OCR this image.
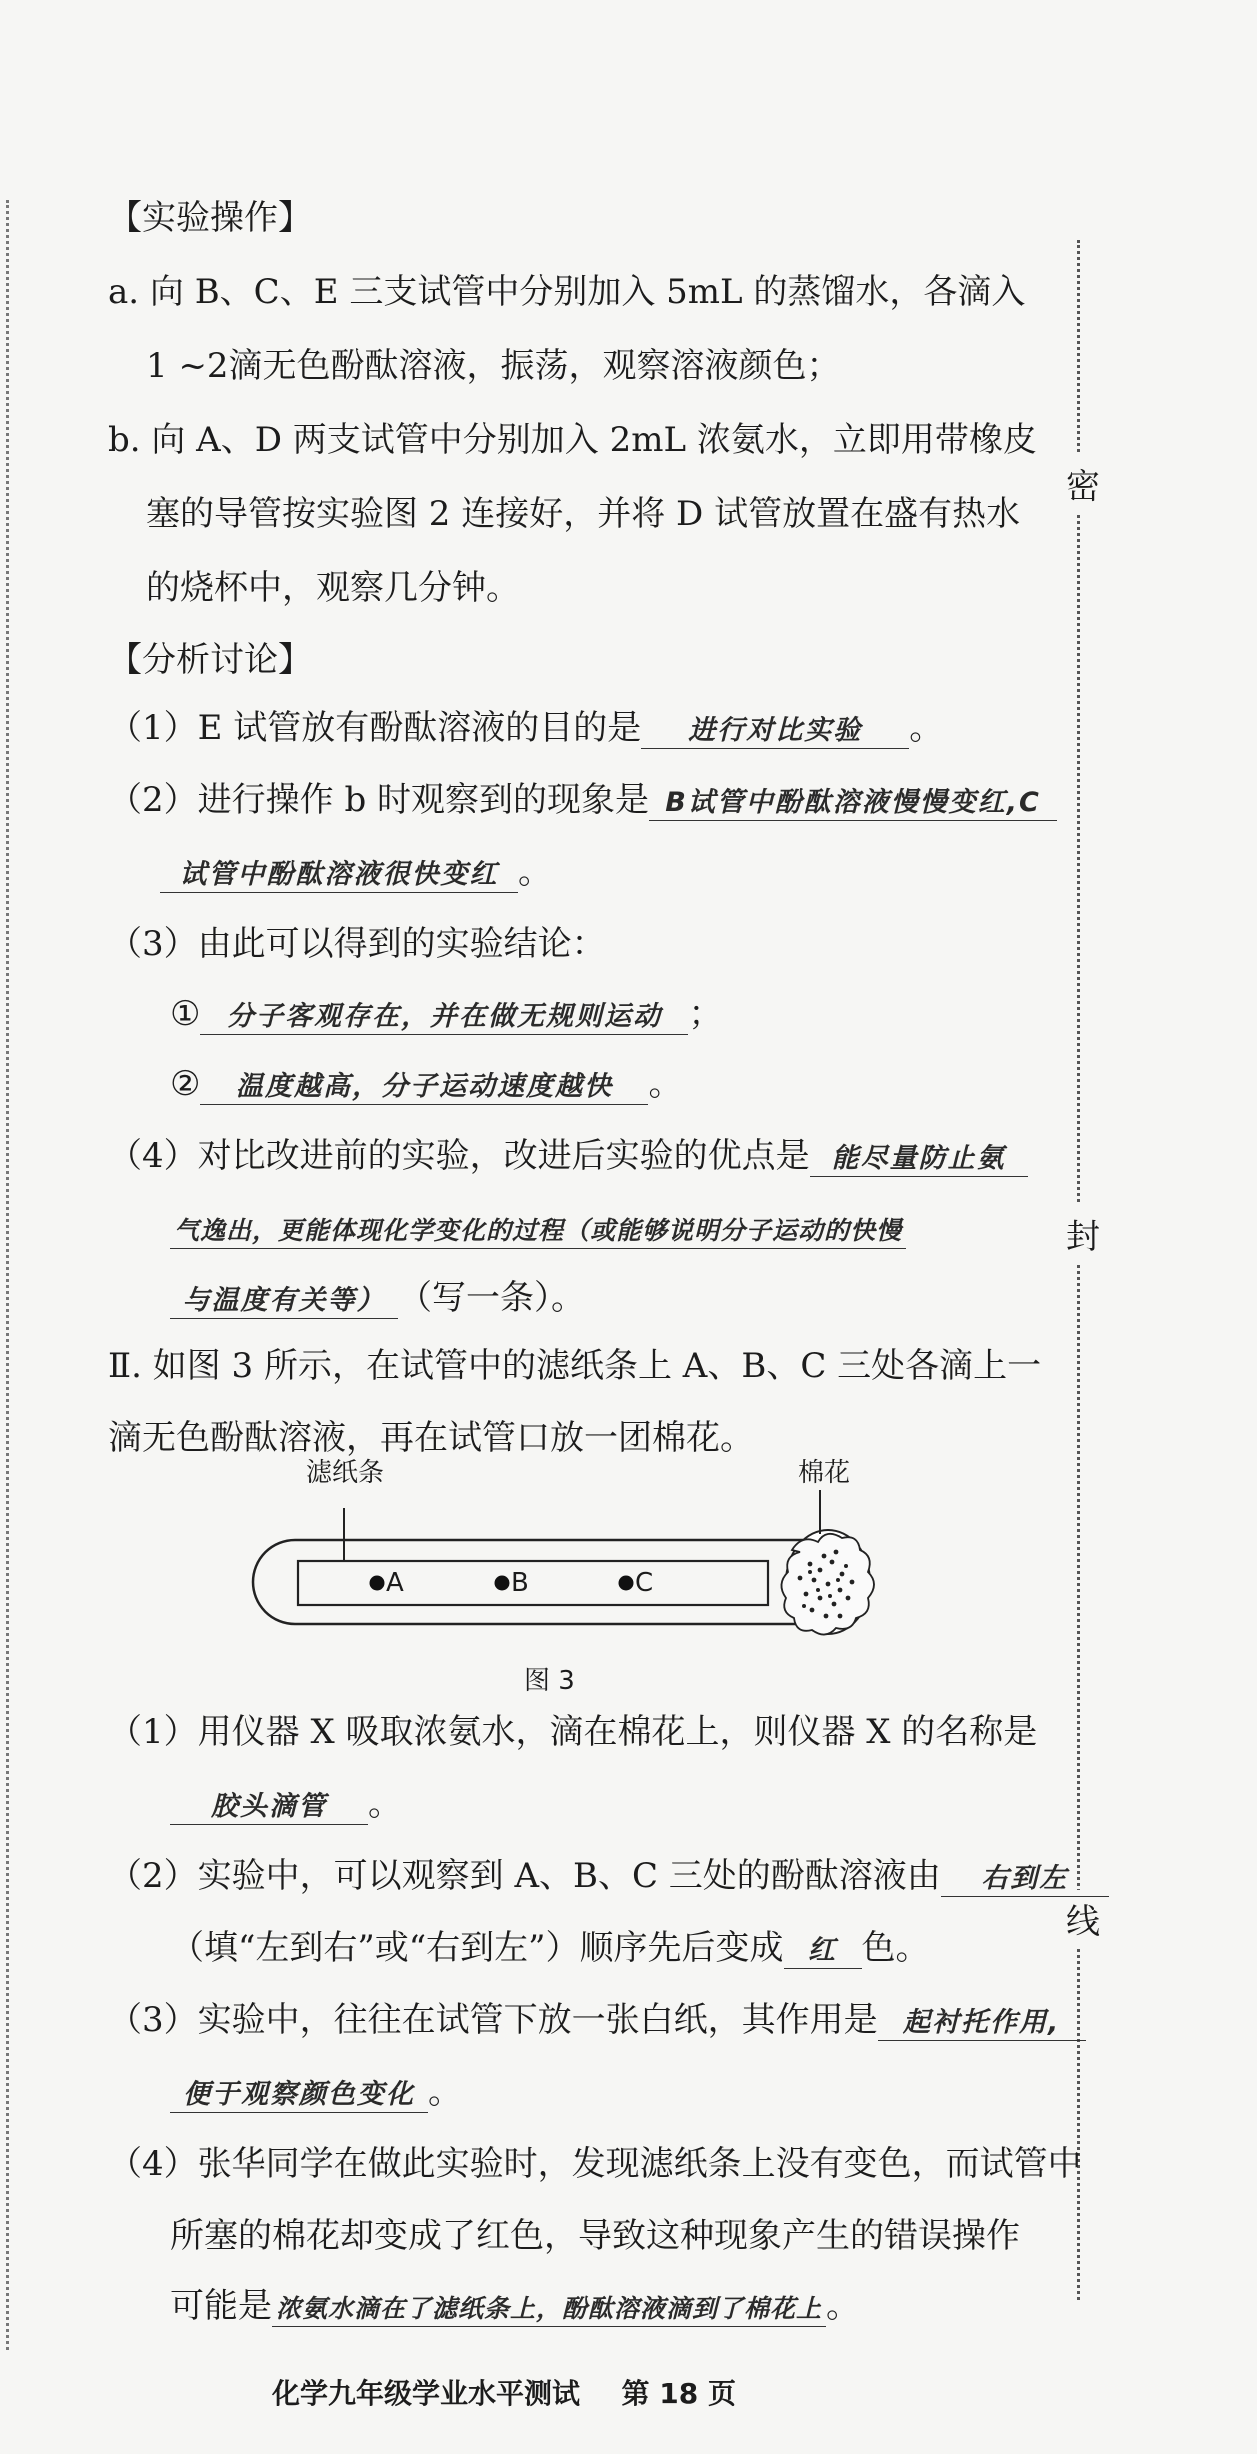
密
封
线
【实验操作】
a. 向 B、C、E 三支试管中分别加入 5mL 的蒸馏水，各滴入
1 ~2滴无色酚酞溶液，振荡，观察溶液颜色；
b. 向 A、D 两支试管中分别加入 2mL 浓氨水，立即用带橡皮
塞的导管按实验图 2 连接好，并将 D 试管放置在盛有热水
的烧杯中，观察几分钟。
【分析讨论】
（1）E 试管放有酚酞溶液的目的是 进行对比实验 。
（2）进行操作 b 时观察到的现象是 B试管中酚酞溶液慢慢变红,C
试管中酚酞溶液很快变红 。
（3）由此可以得到的实验结论：
① 分子客观存在，并在做无规则运动 ；
② 温度越高，分子运动速度越快 。
（4）对比改进前的实验，改进后实验的优点是 能尽量防止氨
气逸出，更能体现化学变化的过程（或能够说明分子运动的快慢
与温度有关等） （写一条）。
Ⅱ. 如图 3 所示，在试管中的滤纸条上 A、B、C 三处各滴上一
滴无色酚酞溶液，再在试管口放一团棉花。
滤纸条	棉花
A	B	C
图 3
（1）用仪器 X 吸取浓氨水，滴在棉花上，则仪器 X 的名称是
胶头滴管 。
（2）实验中，可以观察到 A、B、C 三处的酚酞溶液由 右到左
（填“左到右”或“右到左”）顺序先后变成 红 色。
（3）实验中，往往在试管下放一张白纸，其作用是 起衬托作用,
便于观察颜色变化 。
（4）张华同学在做此实验时，发现滤纸条上没有变色，而试管中
所塞的棉花却变成了红色，导致这种现象产生的错误操作
可能是 浓氨水滴在了滤纸条上，酚酞溶液滴到了棉花上 。
化学九年级学业水平测试 第 18 页
